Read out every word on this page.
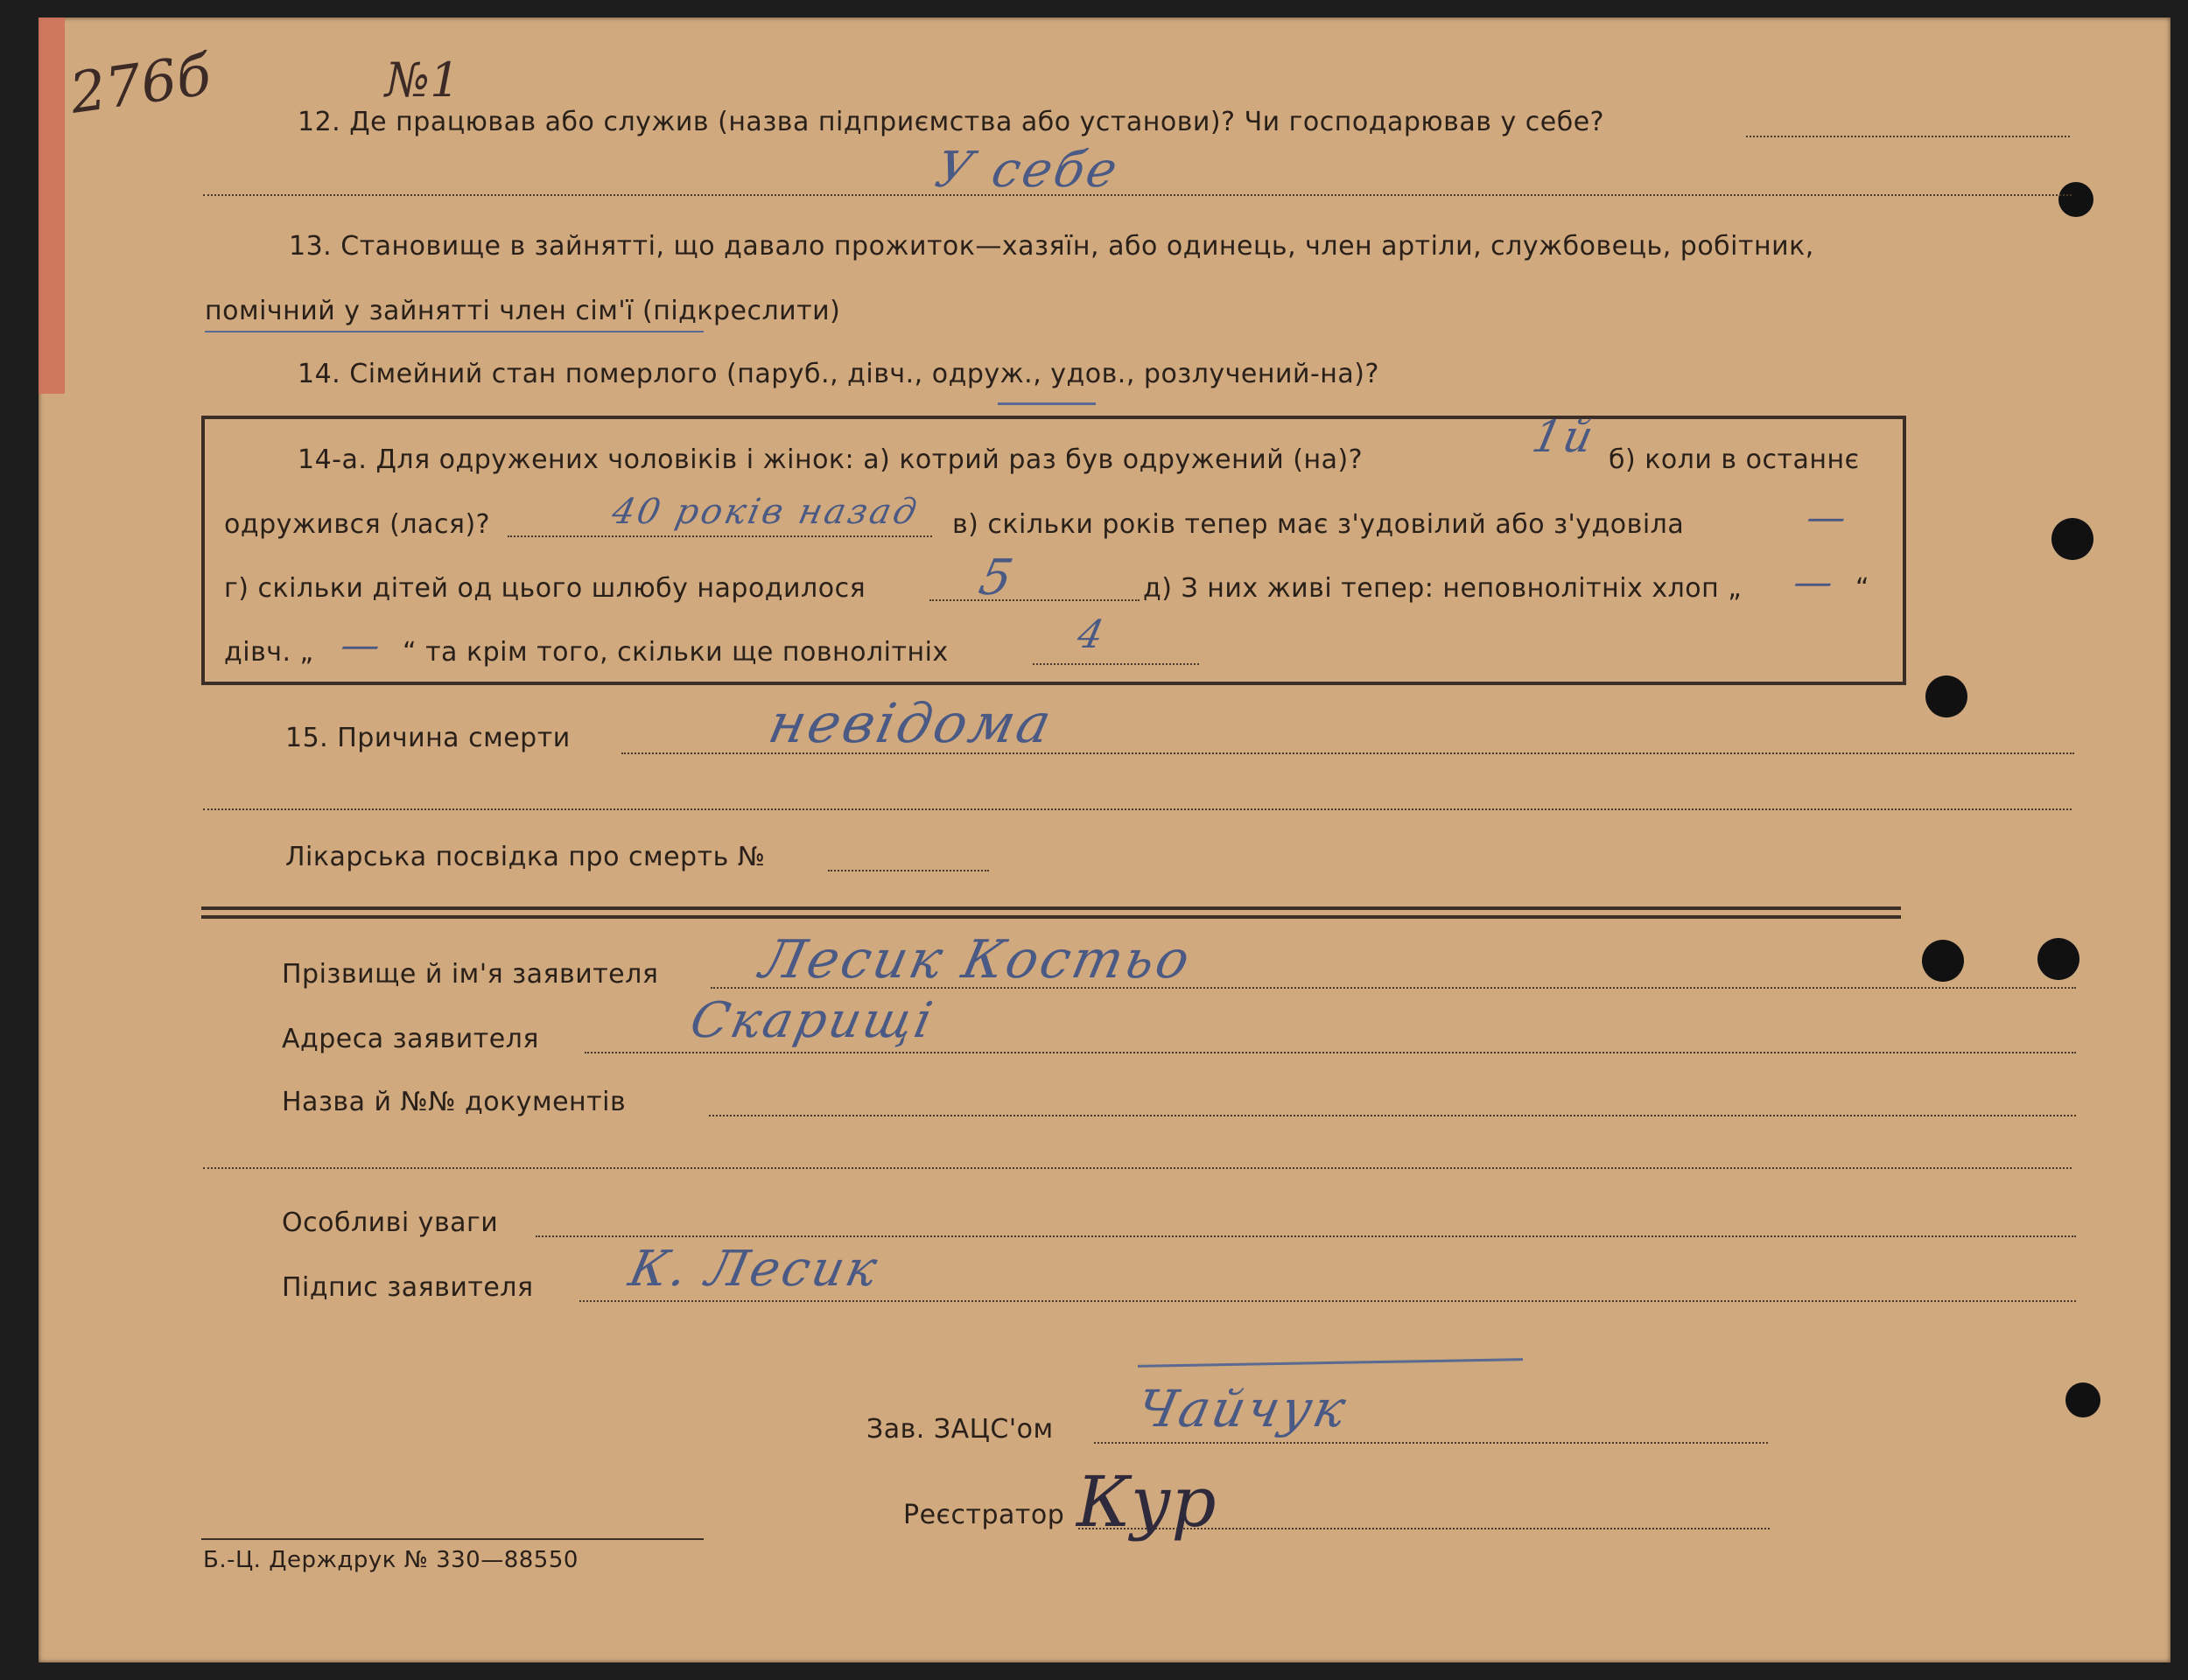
276б	№1
12. Де працював або служив (назва підприємства або установи)? Чи господарював у себе?
У себе
13. Становище в зайнятті, що давало прожиток—хазяїн, або одинець, член артіли, службовець, робітник,
помічний у зайнятті член сім'ї (підкреслити)
14. Сімейний стан померлого (паруб., дівч., одруж., удов., розлучений-на)?
14-а. Для одружених чоловіків і жінок: а) котрий раз був одружений (на)?	1й б) коли в останнє
одружився (лася)?	40 років назад в) скільки років тепер має з'удовілий або з'удовіла	—
г) скільки дітей од цього шлюбу народилося 5	д) З них живі тепер: неповнолітніх хлоп „ — “
дівч. „ — “ та крім того, скільки ще повнолітніх	4
15. Причина смерти	невідома
Лікарська посвідка про смерть №
Прізвище й ім'я заявителя Лесик Костьо
Адреса заявителя	Скарищі
Назва й №№ документів
Особливі уваги
Підпис заявителя К. Лесик
Зав. ЗАЦС'ом Чайчук
Реєстратор Кур
Б.-Ц. Держдрук № 330—88550
